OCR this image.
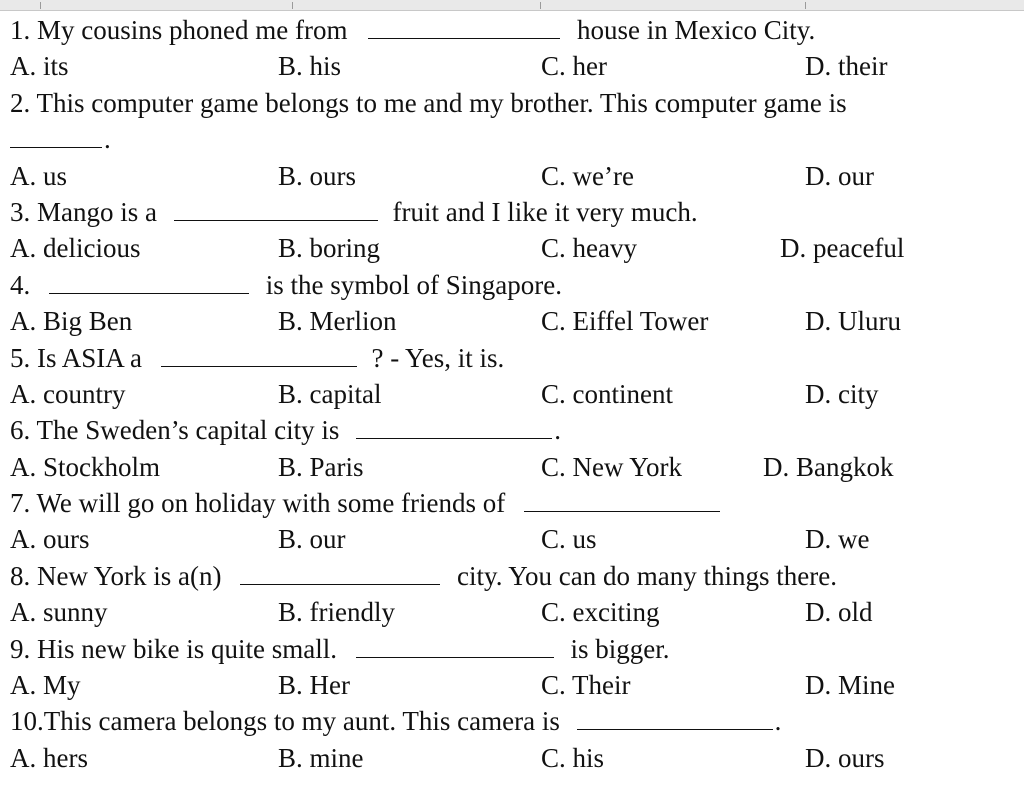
1. My cousins phoned me from	house in Mexico City.
A. its	B. his	C. her	D. their
2. This computer game belongs to me and my brother. This computer game is
.
A. us	B. ours	C. we’re	D. our
3. Mango is a	fruit and I like it very much.
A. delicious	B. boring	C. heavy	D. peaceful
4.	is the symbol of Singapore.
A. Big Ben	B. Merlion	C. Eiffel Tower	D. Uluru
5. Is ASIA a	? - Yes, it is.
A. country	B. capital	C. continent	D. city
6. The Sweden’s capital city is	.
A. Stockholm	B. Paris	C. New York	D. Bangkok
7. We will go on holiday with some friends of
A. ours	B. our	C. us	D. we
8. New York is a(n)	city. You can do many things there.
A. sunny	B. friendly	C. exciting	D. old
9. His new bike is quite small.	is bigger.
A. My	B. Her	C. Their	D. Mine
10.This camera belongs to my aunt. This camera is	.
A. hers	B. mine	C. his	D. ours
